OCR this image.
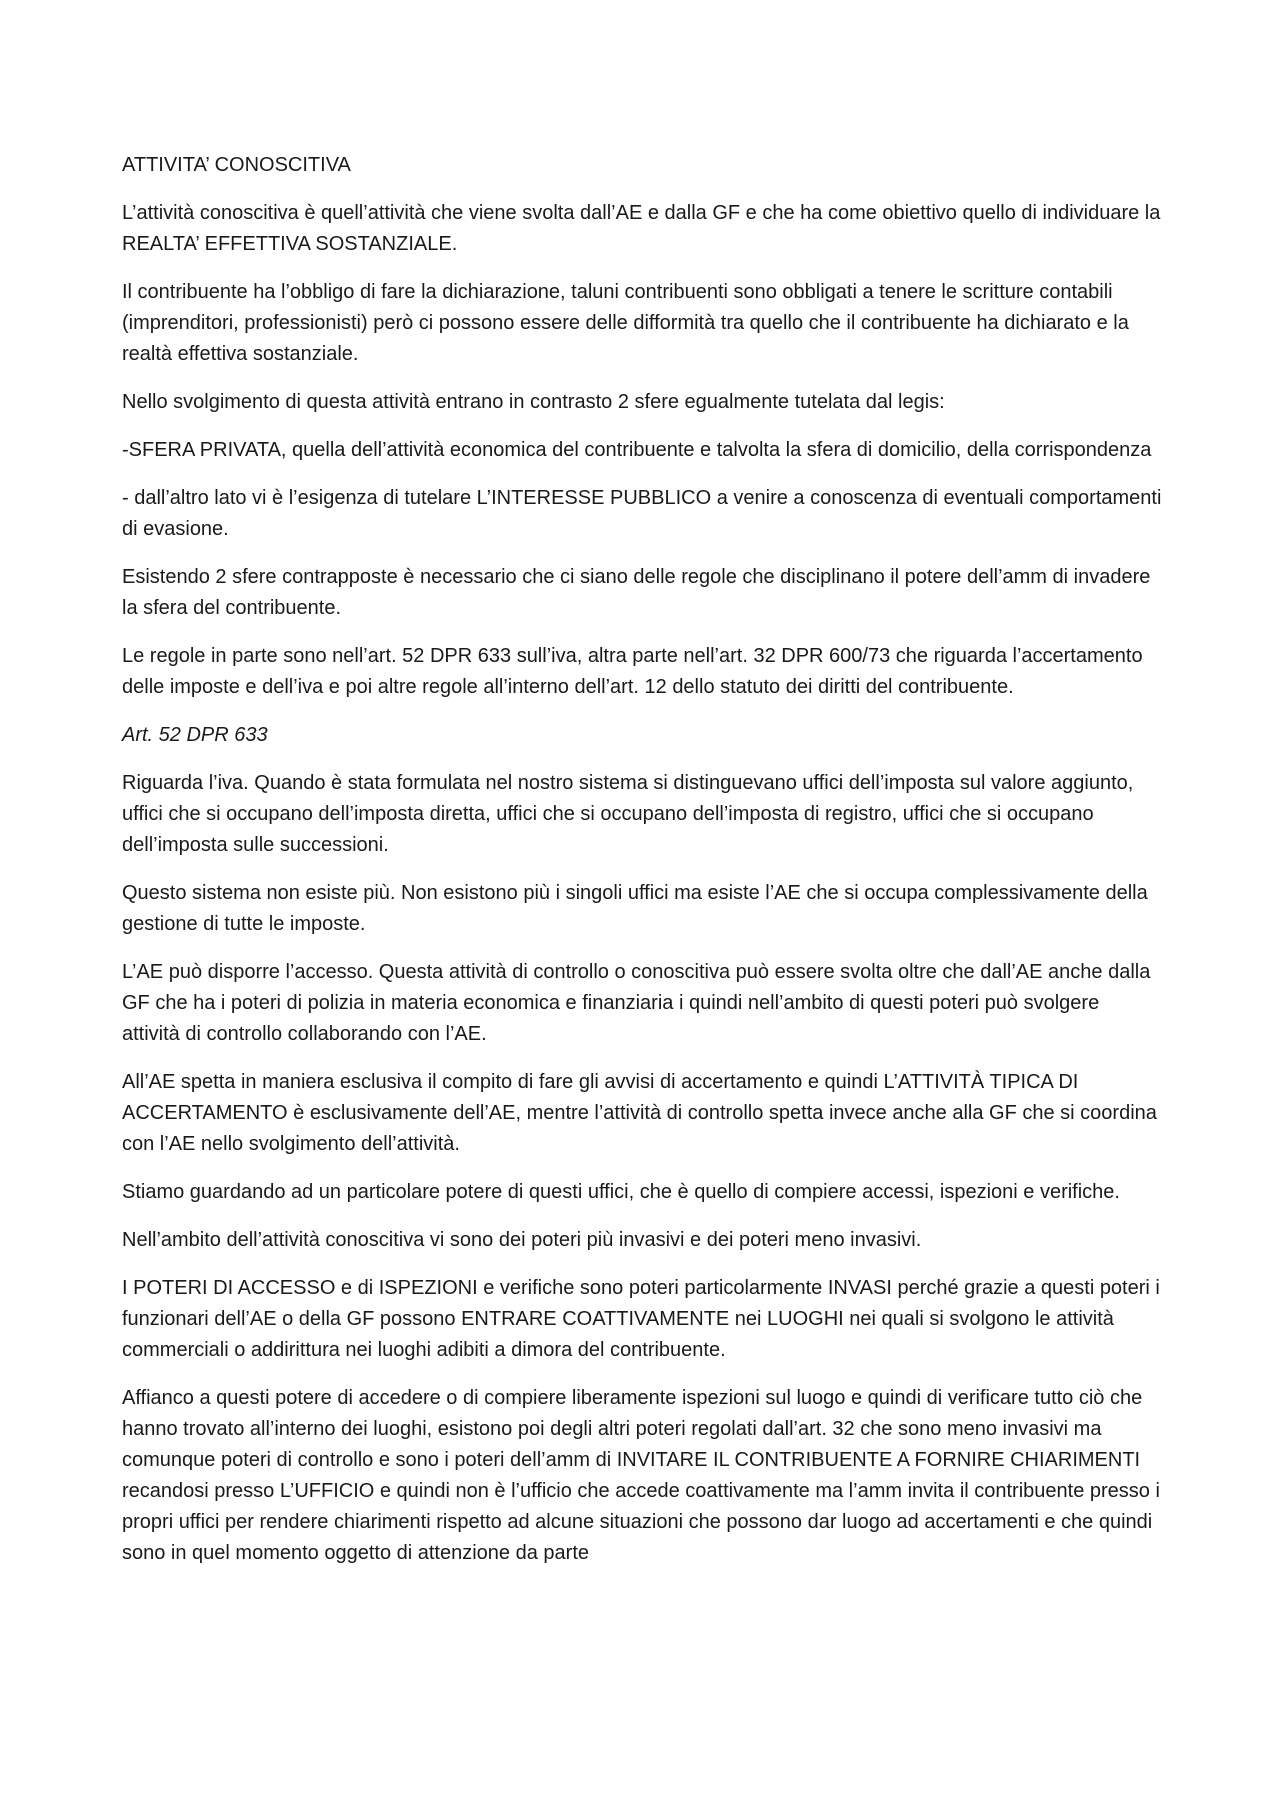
ATTIVITA’ CONOSCITIVA

L’attività conoscitiva è quell’attività che viene svolta dall’AE e dalla GF e che ha come obiettivo quello di individuare la REALTA’ EFFETTIVA SOSTANZIALE.

Il contribuente ha l’obbligo di fare la dichiarazione, taluni contribuenti sono obbligati a tenere le scritture contabili (imprenditori, professionisti) però ci possono essere delle difformità tra quello che il contribuente ha dichiarato e la realtà effettiva sostanziale.

Nello svolgimento di questa attività entrano in contrasto 2 sfere egualmente tutelata dal legis:

-SFERA PRIVATA, quella dell’attività economica del contribuente e talvolta la sfera di domicilio, della corrispondenza

- dall’altro lato vi è l’esigenza di tutelare L’INTERESSE PUBBLICO a venire a conoscenza di eventuali comportamenti di evasione.

Esistendo 2 sfere contrapposte è necessario che ci siano delle regole che disciplinano il potere dell’amm di invadere la sfera del contribuente.

Le regole in parte sono nell’art. 52 DPR 633 sull’iva, altra parte nell’art. 32 DPR 600/73 che riguarda l’accertamento delle imposte e dell’iva e poi altre regole all’interno dell’art. 12 dello statuto dei diritti del contribuente.

Art. 52 DPR 633

Riguarda l’iva. Quando è stata formulata nel nostro sistema si distinguevano uffici dell’imposta sul valore aggiunto, uffici che si occupano dell’imposta diretta, uffici che si occupano dell’imposta di registro, uffici che si occupano dell’imposta sulle successioni.

Questo sistema non esiste più. Non esistono più i singoli uffici ma esiste l’AE che si occupa complessivamente della gestione di tutte le imposte.

L’AE può disporre l’accesso. Questa attività di controllo o conoscitiva può essere svolta oltre che dall’AE anche dalla GF che ha i poteri di polizia in materia economica e finanziaria i quindi nell’ambito di questi poteri può svolgere attività di controllo collaborando con l’AE.

All’AE spetta in maniera esclusiva il compito di fare gli avvisi di accertamento e quindi L’ATTIVITÀ TIPICA DI ACCERTAMENTO è esclusivamente dell’AE, mentre l’attività di controllo spetta invece anche alla GF che si coordina con l’AE nello svolgimento dell’attività.

Stiamo guardando ad un particolare potere di questi uffici, che è quello di compiere accessi, ispezioni e verifiche.

Nell’ambito dell’attività conoscitiva vi sono dei poteri più invasivi e dei poteri meno invasivi.

I POTERI DI ACCESSO e di ISPEZIONI e verifiche sono poteri particolarmente INVASI perché grazie a questi poteri i funzionari dell’AE o della GF possono ENTRARE COATTIVAMENTE nei LUOGHI nei quali si svolgono le attività commerciali o addirittura nei luoghi adibiti a dimora del contribuente.

Affianco a questi potere di accedere o di compiere liberamente ispezioni sul luogo e quindi di verificare tutto ciò che hanno trovato all’interno dei luoghi, esistono poi degli altri poteri regolati dall’art. 32 che sono meno invasivi ma comunque poteri di controllo e sono i poteri dell’amm di INVITARE IL CONTRIBUENTE A FORNIRE CHIARIMENTI recandosi presso L’UFFICIO e quindi non è l’ufficio che accede coattivamente ma l’amm invita il contribuente presso i propri uffici per rendere chiarimenti rispetto ad alcune situazioni che possono dar luogo ad accertamenti e che quindi sono in quel momento oggetto di attenzione da parte
